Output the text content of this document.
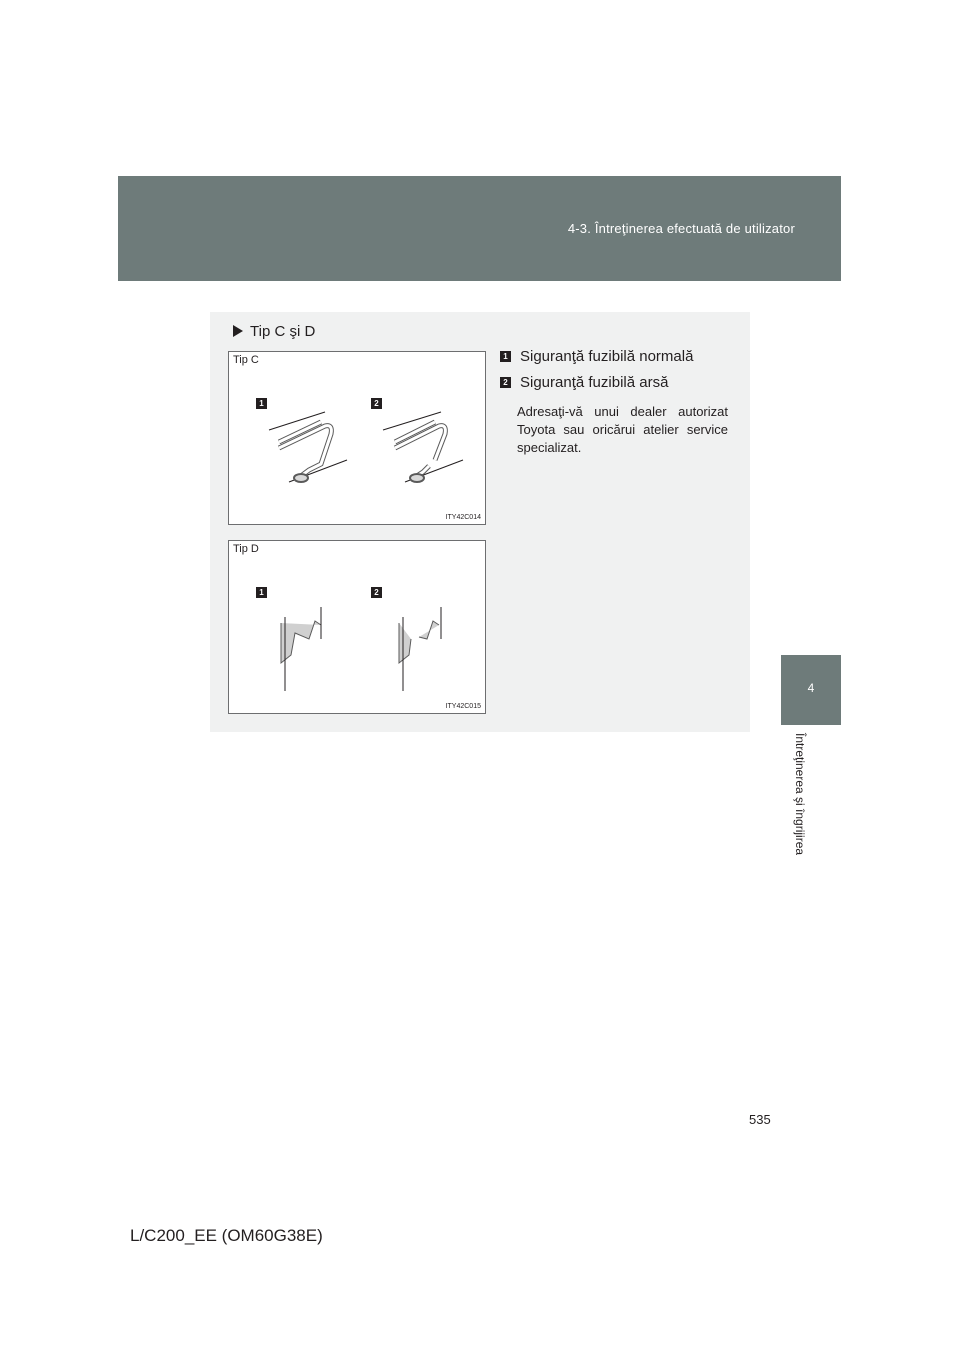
4-3. Întreţinerea efectuată de utilizator
4
Întreţinerea şi îngrijirea
Tip C şi D
Tip C
1	2
ITY42C014
Tip D
1	2
ITY42C015
1 Siguranţă fuzibilă normală
2 Siguranţă fuzibilă arsă
Adresaţi-vă unui dealer autorizat Toyota sau oricărui atelier service specializat.
535
L/C200_EE (OM60G38E)
